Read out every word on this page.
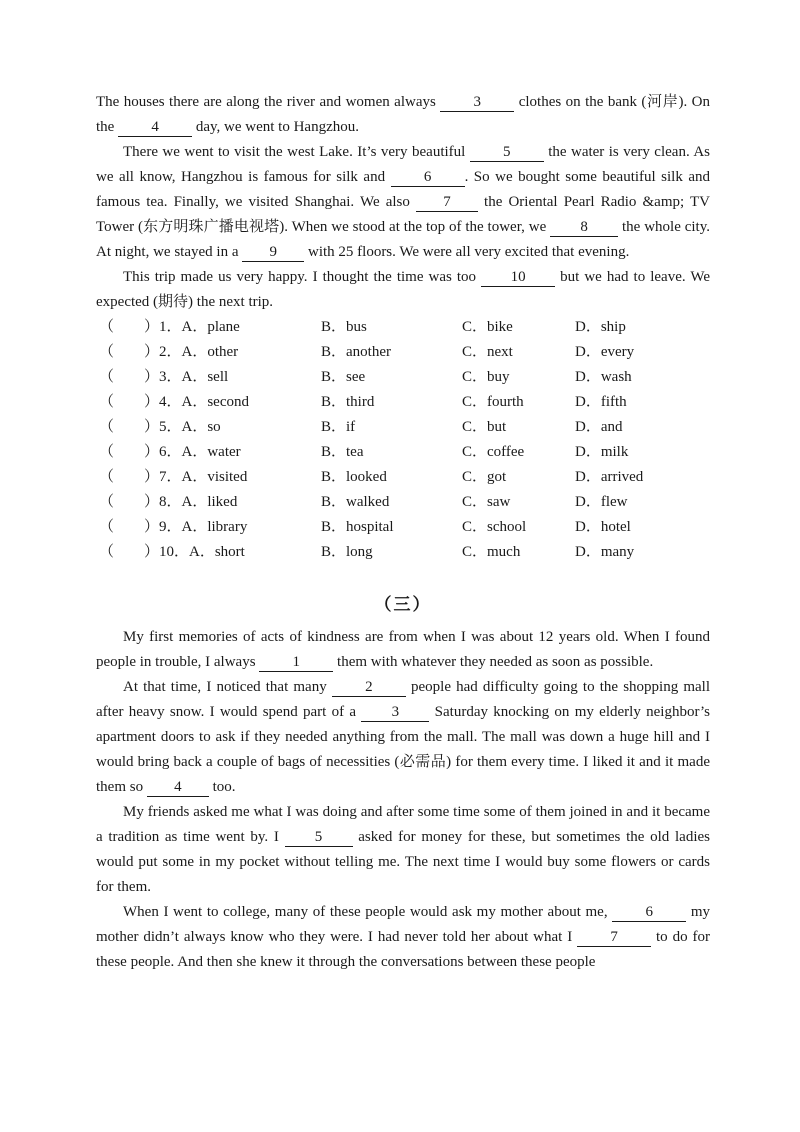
The houses there are along the river and women always 3 clothes on the bank (河岸). On the 4 day, we went to Hangzhou.

There we went to visit the west Lake. It’s very beautiful 5 the water is very clean. As we all know, Hangzhou is famous for silk and 6 . So we bought some beautiful silk and famous tea. Finally, we visited Shanghai. We also 7 the Oriental Pearl Radio &amp; TV Tower (东方明珠广播电视塔). When we stood at the top of the tower, we 8 the whole city. At night, we stayed in a 9 with 25 floors. We were all very excited that evening.

This trip made us very happy. I thought the time was too 10 but we had to leave. We expected (期待) the next trip.

（　　）1．A．plane	B．bus	C．bike	D．ship
（　　）2．A．other	B．another	C．next	D．every
（　　）3．A．sell	B．see	C．buy	D．wash
（　　）4．A．second	B．third	C．fourth	D．fifth
（　　）5．A．so	B．if	C．but	D．and
（　　）6．A．water	B．tea	C．coffee	D．milk
（　　）7．A．visited	B．looked	C．got	D．arrived
（　　）8．A．liked	B．walked	C．saw	D．flew
（　　）9．A．library	B．hospital	C．school	D．hotel
（　　）10．A．short	B．long	C．much	D．many
（三）

My first memories of acts of kindness are from when I was about 12 years old. When I found people in trouble, I always 1 them with whatever they needed as soon as possible.

At that time, I noticed that many 2 people had difficulty going to the shopping mall after heavy snow. I would spend part of a 3 Saturday knocking on my elderly neighbor’s apartment doors to ask if they needed anything from the mall. The mall was down a huge hill and I would bring back a couple of bags of necessities (必需品) for them every time. I liked it and it made them so 4 too.

My friends asked me what I was doing and after some time some of them joined in and it became a tradition as time went by. I 5 asked for money for these, but sometimes the old ladies would put some in my pocket without telling me. The next time I would buy some flowers or cards for them.

When I went to college, many of these people would ask my mother about me, 6 my mother didn’t always know who they were. I had never told her about what I 7 to do for these people. And then she knew it through the conversations between these people
